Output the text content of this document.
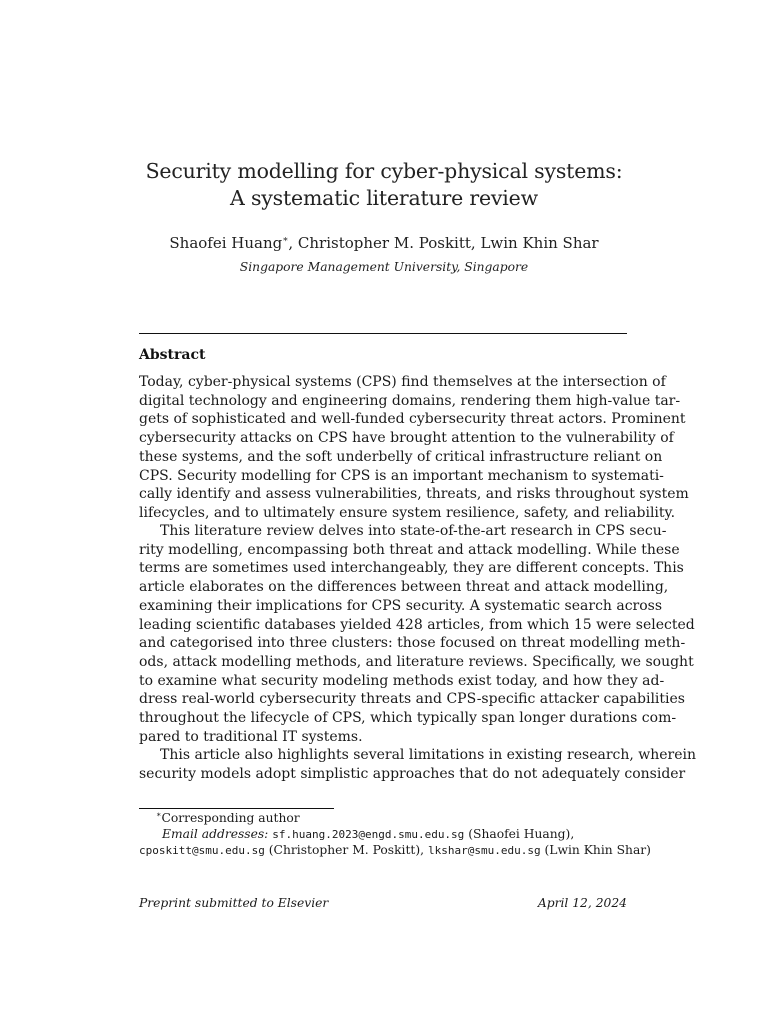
Security modelling for cyber-physical systems:
A systematic literature review
Shaofei Huang∗, Christopher M. Poskitt, Lwin Khin Shar
Singapore Management University, Singapore
Abstract
Today, cyber-physical systems (CPS) find themselves at the intersection of
digital technology and engineering domains, rendering them high-value tar-
gets of sophisticated and well-funded cybersecurity threat actors. Prominent
cybersecurity attacks on CPS have brought attention to the vulnerability of
these systems, and the soft underbelly of critical infrastructure reliant on
CPS. Security modelling for CPS is an important mechanism to systemati-
cally identify and assess vulnerabilities, threats, and risks throughout system
lifecycles, and to ultimately ensure system resilience, safety, and reliability.
This literature review delves into state-of-the-art research in CPS secu-
rity modelling, encompassing both threat and attack modelling. While these
terms are sometimes used interchangeably, they are different concepts. This
article elaborates on the differences between threat and attack modelling,
examining their implications for CPS security. A systematic search across
leading scientific databases yielded 428 articles, from which 15 were selected
and categorised into three clusters: those focused on threat modelling meth-
ods, attack modelling methods, and literature reviews. Specifically, we sought
to examine what security modeling methods exist today, and how they ad-
dress real-world cybersecurity threats and CPS-specific attacker capabilities
throughout the lifecycle of CPS, which typically span longer durations com-
pared to traditional IT systems.
This article also highlights several limitations in existing research, wherein
security models adopt simplistic approaches that do not adequately consider
∗Corresponding author
Email addresses: sf.huang.2023@engd.smu.edu.sg (Shaofei Huang),
cposkitt@smu.edu.sg (Christopher M. Poskitt), lkshar@smu.edu.sg (Lwin Khin Shar)
Preprint submitted to Elsevier	April 12, 2024
